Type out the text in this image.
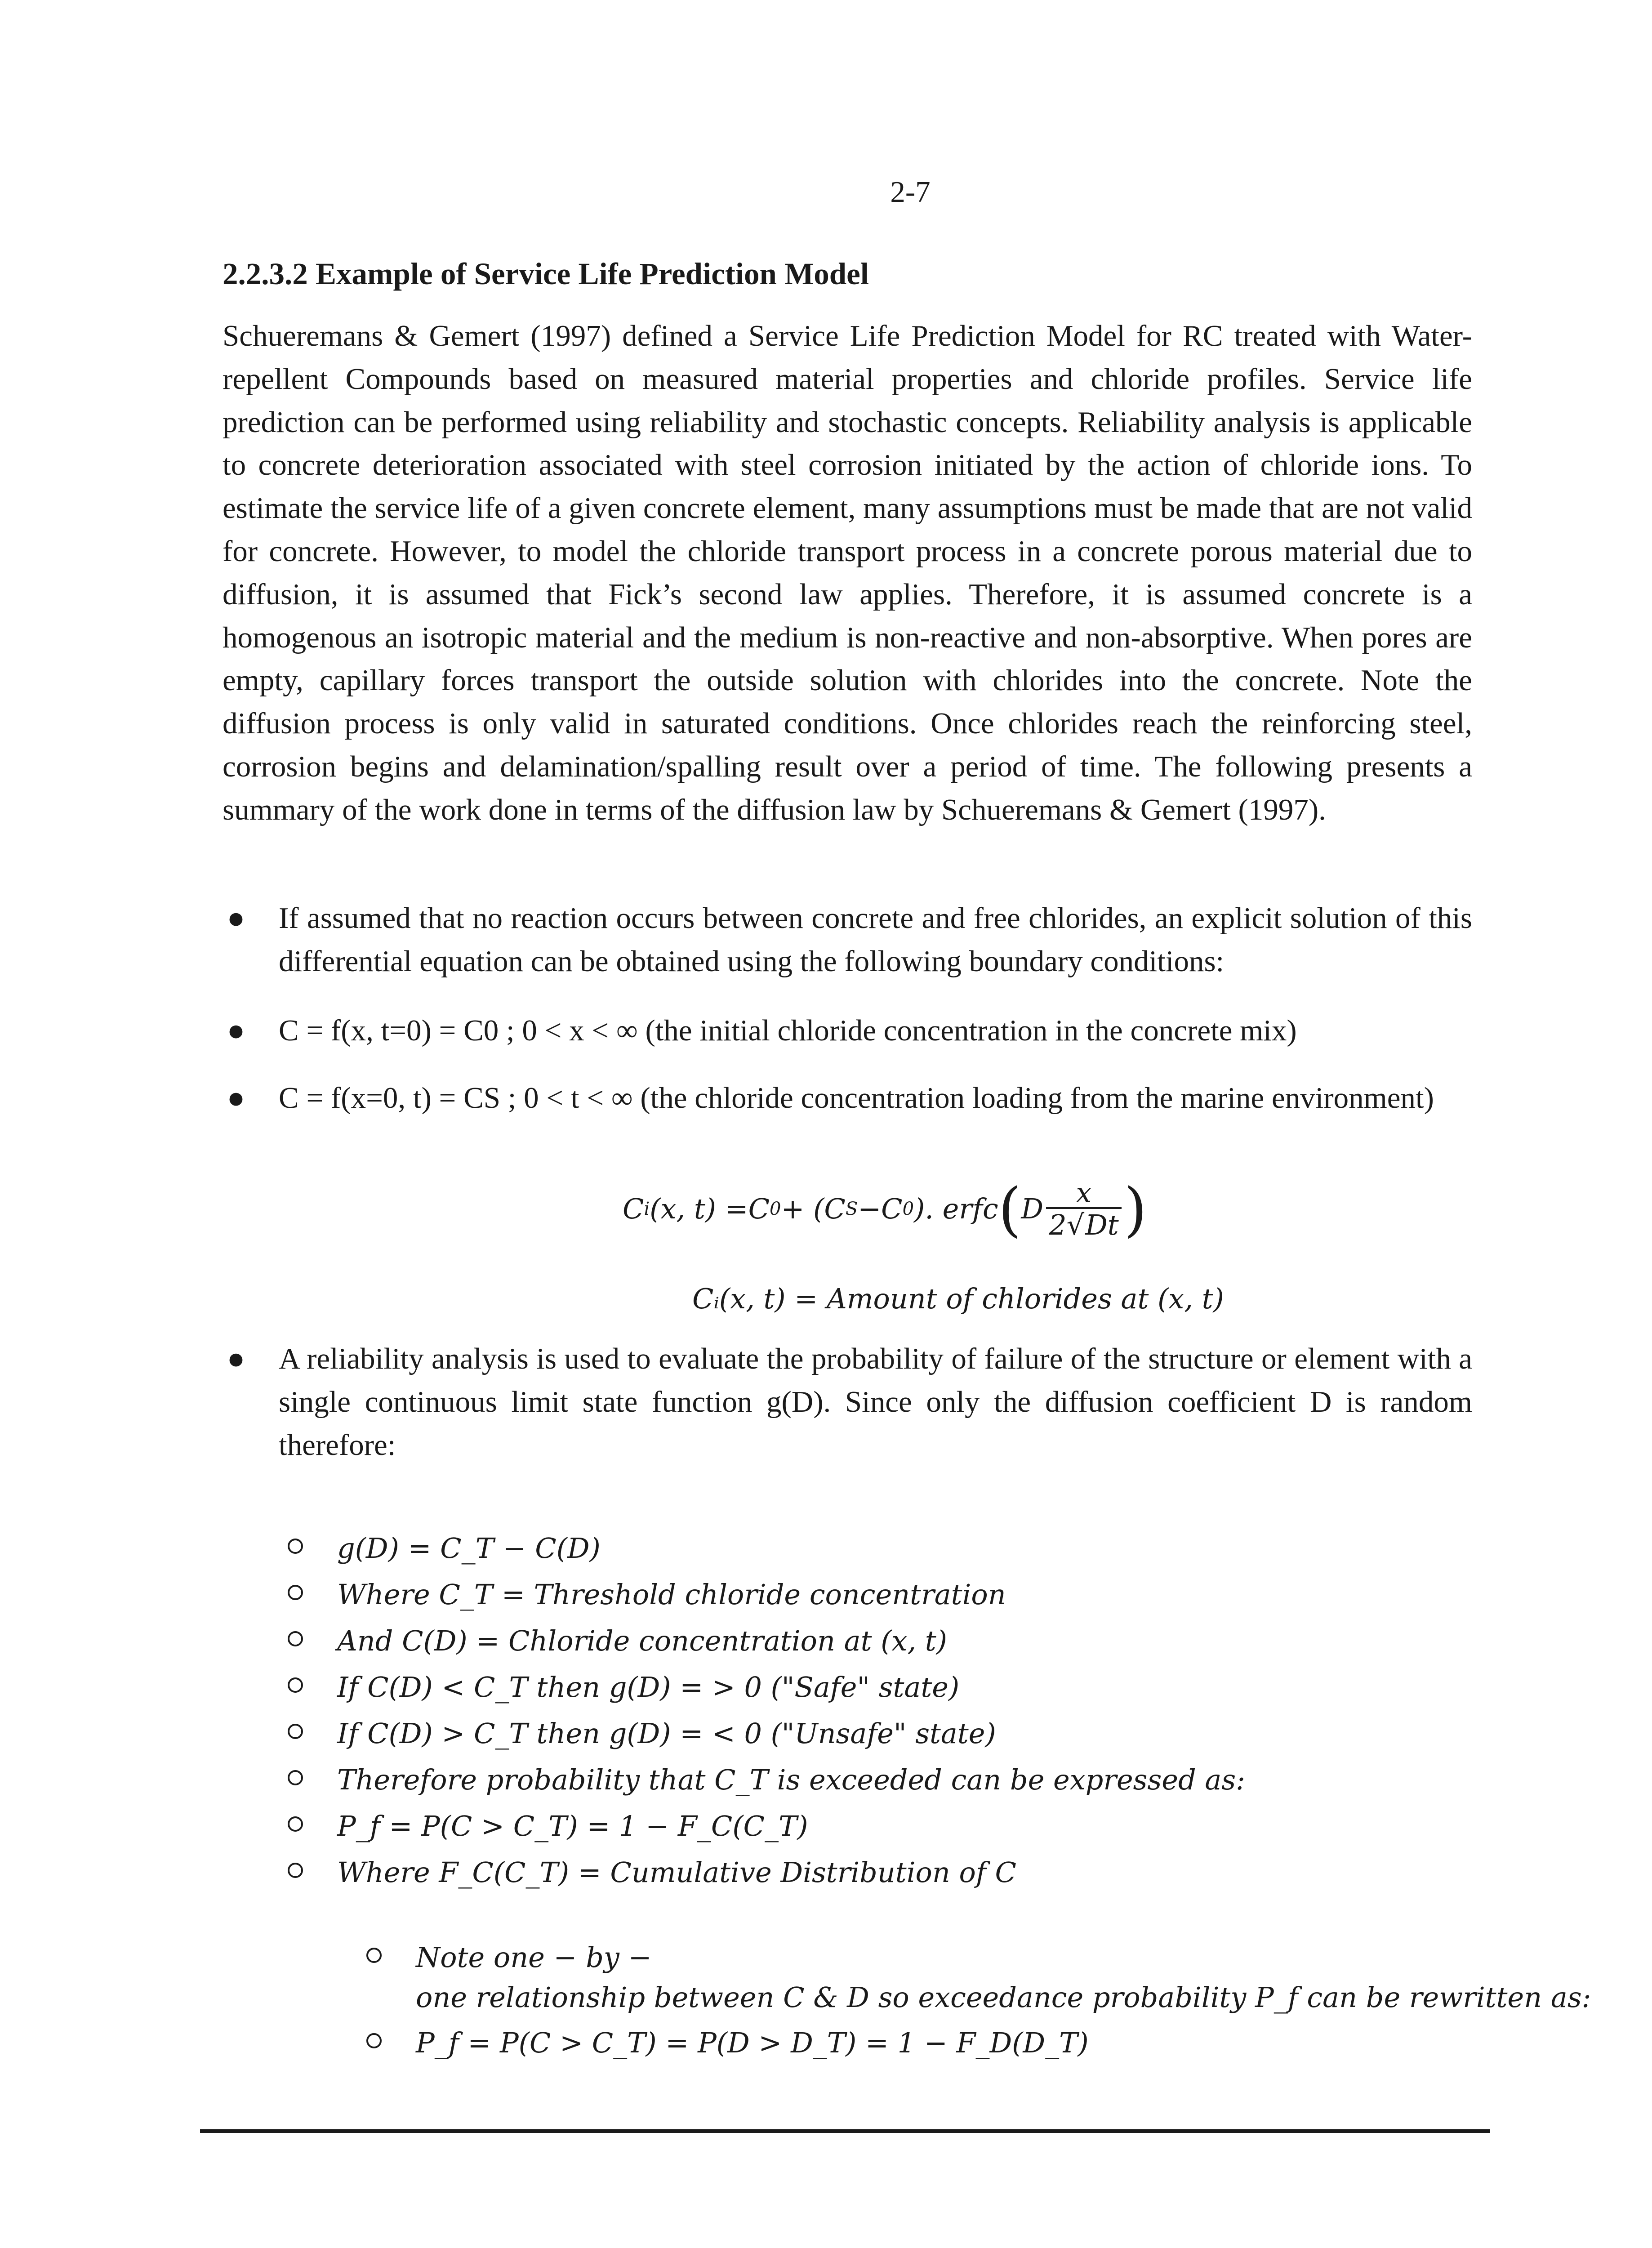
2-7
2.2.3.2 Example of Service Life Prediction Model

Schueremans & Gemert (1997) defined a Service Life Prediction Model for RC treated with Water-repellent Compounds based on measured material properties and chloride profiles. Service life prediction can be performed using reliability and stochastic concepts. Reliability analysis is applicable to concrete deterioration associated with steel corrosion initiated by the action of chloride ions. To estimate the service life of a given concrete element, many assumptions must be made that are not valid for concrete. However, to model the chloride transport process in a concrete porous material due to diffusion, it is assumed that Fick’s second law applies. Therefore, it is assumed concrete is a homogenous an isotropic material and the medium is non-reactive and non-absorptive. When pores are empty, capillary forces transport the outside solution with chlorides into the concrete. Note the diffusion process is only valid in saturated conditions. Once chlorides reach the reinforcing steel, corrosion begins and delamination/spalling result over a period of time. The following presents a summary of the work done in terms of the diffusion law by Schueremans & Gemert (1997).

● If assumed that no reaction occurs between concrete and free chlorides, an explicit solution of this differential equation can be obtained using the following boundary conditions:
● C = f(x, t=0) = C0 ; 0 < x < ∞ (the initial chloride concentration in the concrete mix)
● C = f(x=0, t) = CS ; 0 < t < ∞ (the chloride concentration loading from the marine environment)
C i (x, t) = C 0 + ( C S − C 0 ). erfc ( D $\frac{x}{2√Dt}$ )
Cᵢ(x, t) = Amount of chlorides at (x, t)
● A reliability analysis is used to evaluate the probability of failure of the structure or element with a single continuous limit state function g(D). Since only the diffusion coefficient D is random therefore:
g(D) = C_T − C(D)
Where C_T = Threshold chloride concentration
And C(D) = Chloride concentration at (x, t)
If C(D) < C_T then g(D) = > 0 ("Safe" state)
If C(D) > C_T then g(D) = < 0 ("Unsafe" state)
Therefore probability that C_T is exceeded can be expressed as:
P_f = P(C > C_T) = 1 − F_C(C_T)
Where F_C(C_T) = Cumulative Distribution of C
Note one − by −
one relationship between C & D so exceedance probability P_f can be rewritten as:
P_f = P(C > C_T) = P(D > D_T) = 1 − F_D(D_T)
